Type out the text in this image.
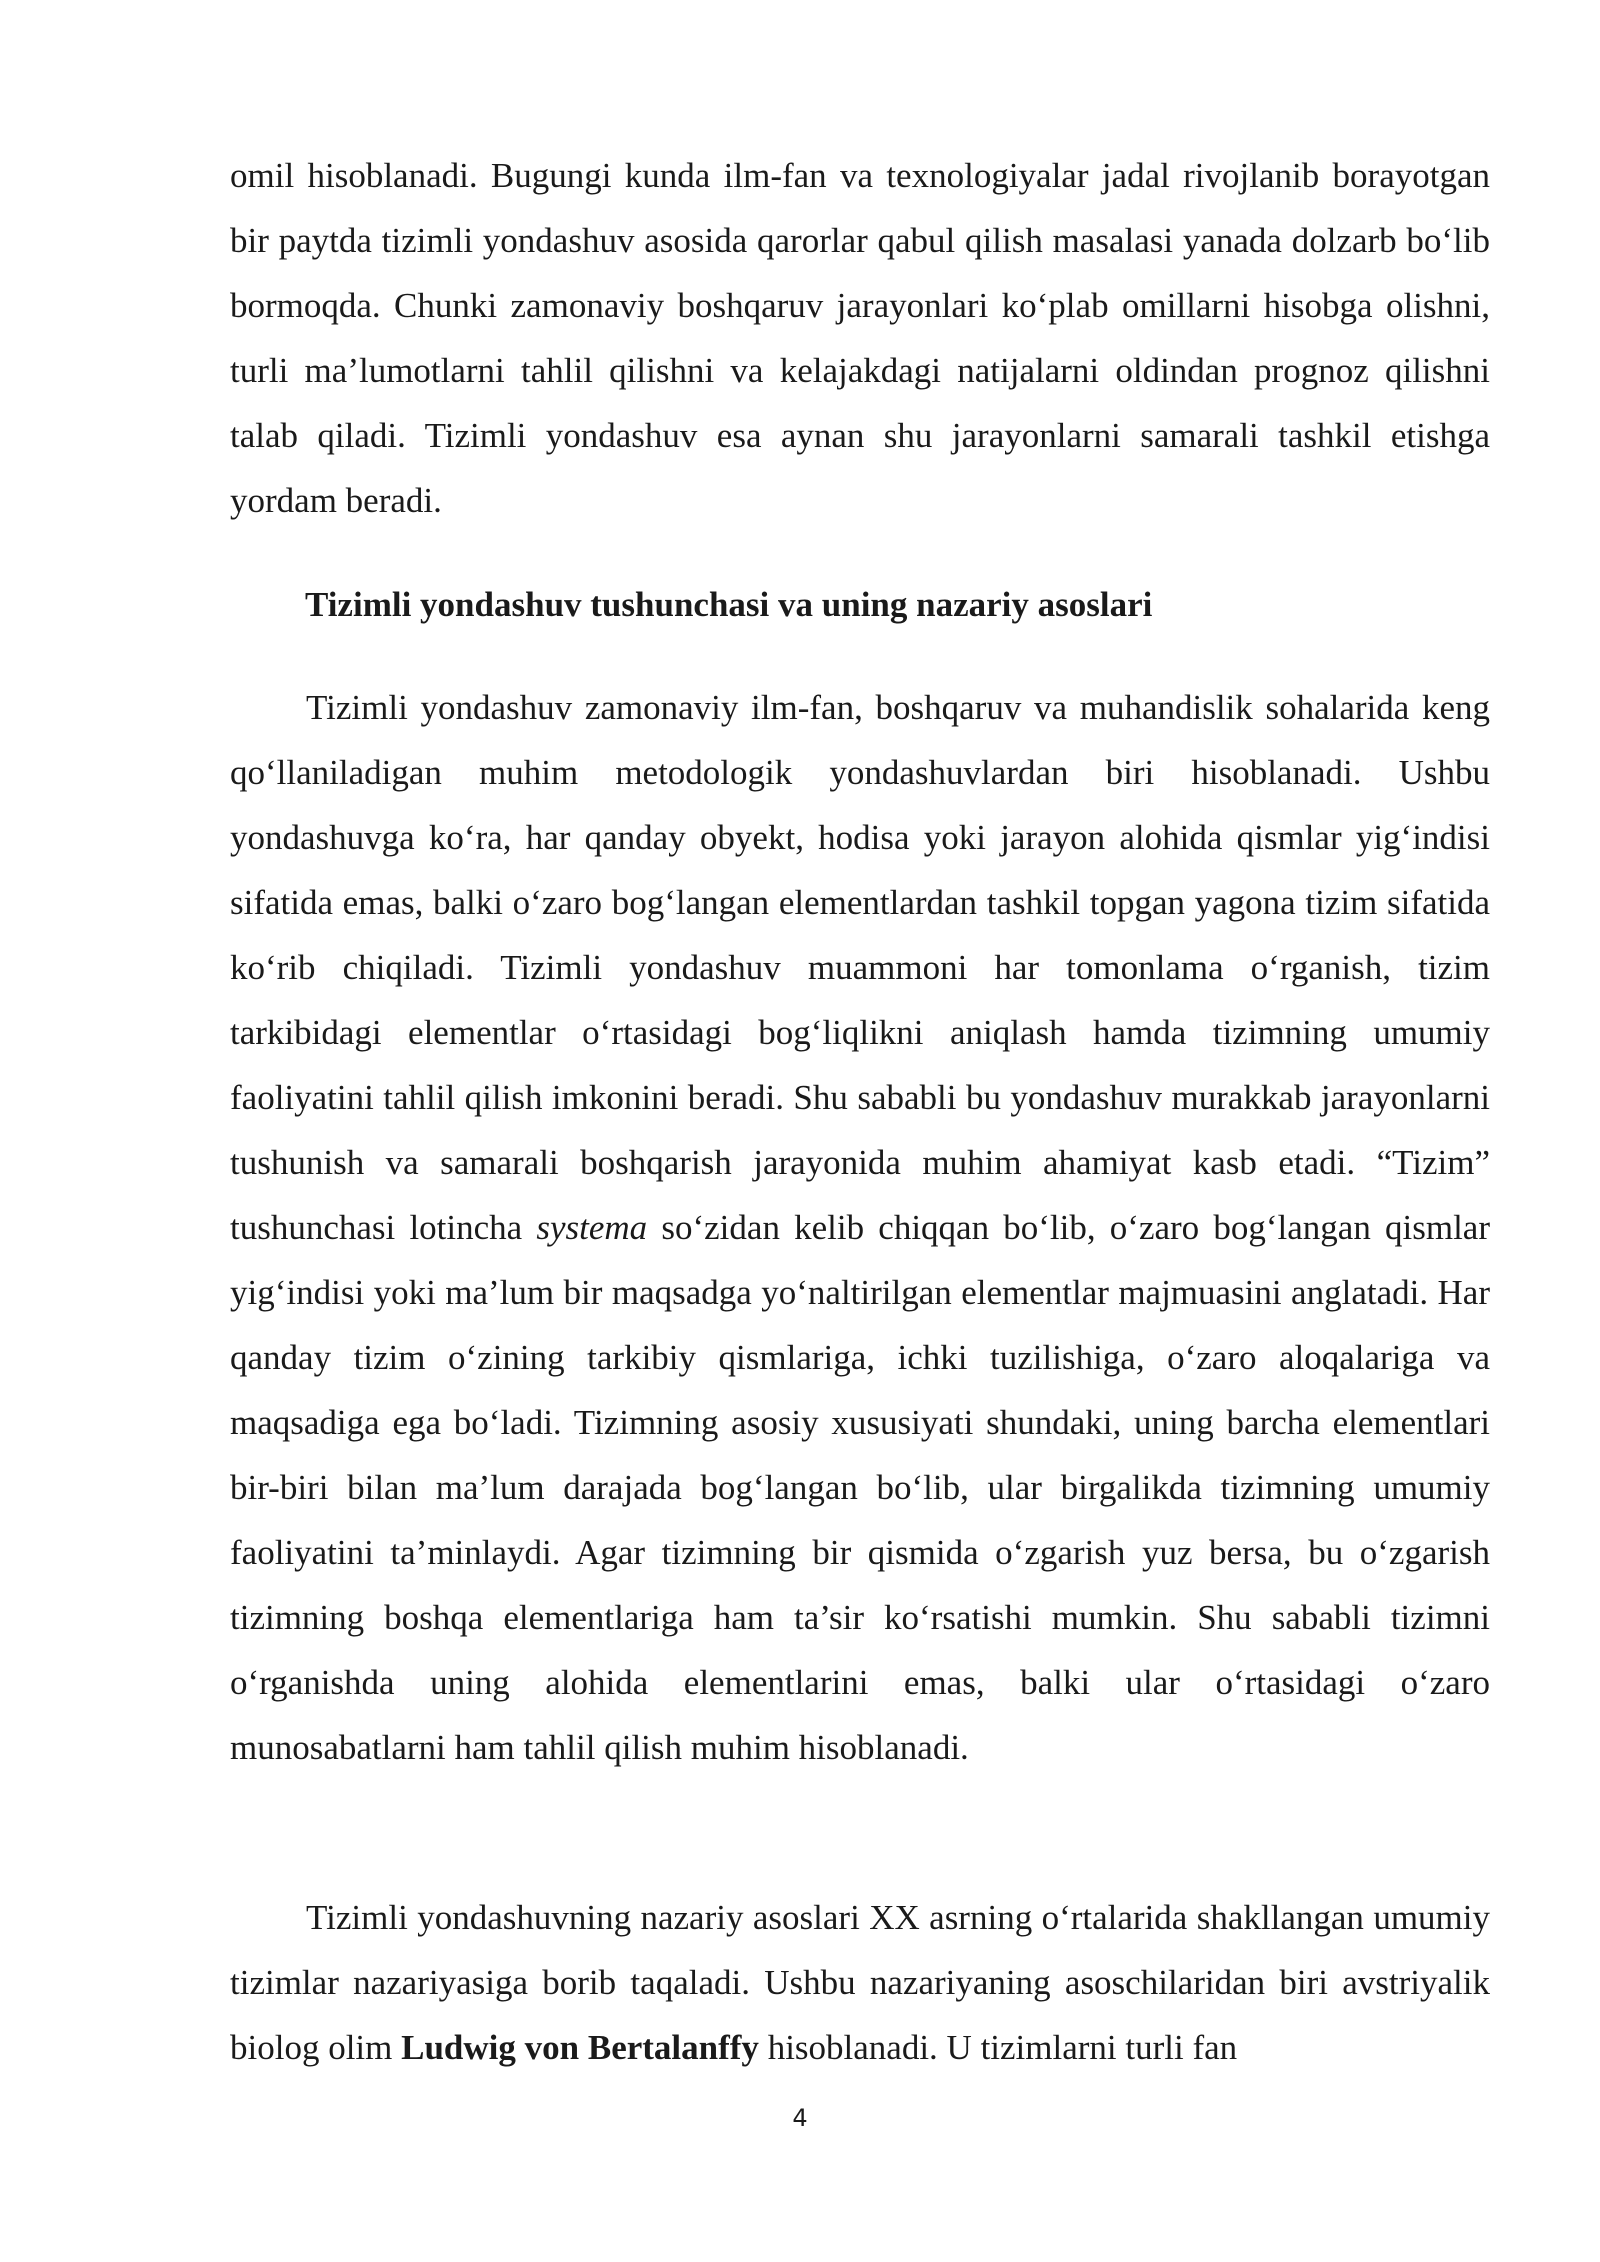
omil hisoblanadi. Bugungi kunda ilm-fan va texnologiyalar jadal rivojlanib borayotgan bir paytda tizimli yondashuv asosida qarorlar qabul qilish masalasi yanada dolzarb bo‘lib bormoqda. Chunki zamonaviy boshqaruv jarayonlari ko‘plab omillarni hisobga olishni, turli ma’lumotlarni tahlil qilishni va kelajakdagi natijalarni oldindan prognoz qilishni talab qiladi. Tizimli yondashuv esa aynan shu jarayonlarni samarali tashkil etishga yordam beradi.

Tizimli yondashuv tushunchasi va uning nazariy asoslari

Tizimli yondashuv zamonaviy ilm-fan, boshqaruv va muhandislik sohalarida keng qo‘llaniladigan muhim metodologik yondashuvlardan biri hisoblanadi. Ushbu yondashuvga ko‘ra, har qanday obyekt, hodisa yoki jarayon alohida qismlar yig‘indisi sifatida emas, balki o‘zaro bog‘langan elementlardan tashkil topgan yagona tizim sifatida ko‘rib chiqiladi. Tizimli yondashuv muammoni har tomonlama o‘rganish, tizim tarkibidagi elementlar o‘rtasidagi bog‘liqlikni aniqlash hamda tizimning umumiy faoliyatini tahlil qilish imkonini beradi. Shu sababli bu yondashuv murakkab jarayonlarni tushunish va samarali boshqarish jarayonida muhim ahamiyat kasb etadi. “Tizim” tushunchasi lotincha systema so‘zidan kelib chiqqan bo‘lib, o‘zaro bog‘langan qismlar yig‘indisi yoki ma’lum bir maqsadga yo‘naltirilgan elementlar majmuasini anglatadi. Har qanday tizim o‘zining tarkibiy qismlariga, ichki tuzilishiga, o‘zaro aloqalariga va maqsadiga ega bo‘ladi. Tizimning asosiy xususiyati shundaki, uning barcha elementlari bir-biri bilan ma’lum darajada bog‘langan bo‘lib, ular birgalikda tizimning umumiy faoliyatini ta’minlaydi. Agar tizimning bir qismida o‘zgarish yuz bersa, bu o‘zgarish tizimning boshqa elementlariga ham ta’sir ko‘rsatishi mumkin. Shu sababli tizimni o‘rganishda uning alohida elementlarini emas, balki ular o‘rtasidagi o‘zaro munosabatlarni ham tahlil qilish muhim hisoblanadi.

Tizimli yondashuvning nazariy asoslari XX asrning o‘rtalarida shakllangan umumiy tizimlar nazariyasiga borib taqaladi. Ushbu nazariyaning asoschilaridan biri avstriyalik biolog olim Ludwig von Bertalanffy hisoblanadi. U tizimlarni turli fan

4
